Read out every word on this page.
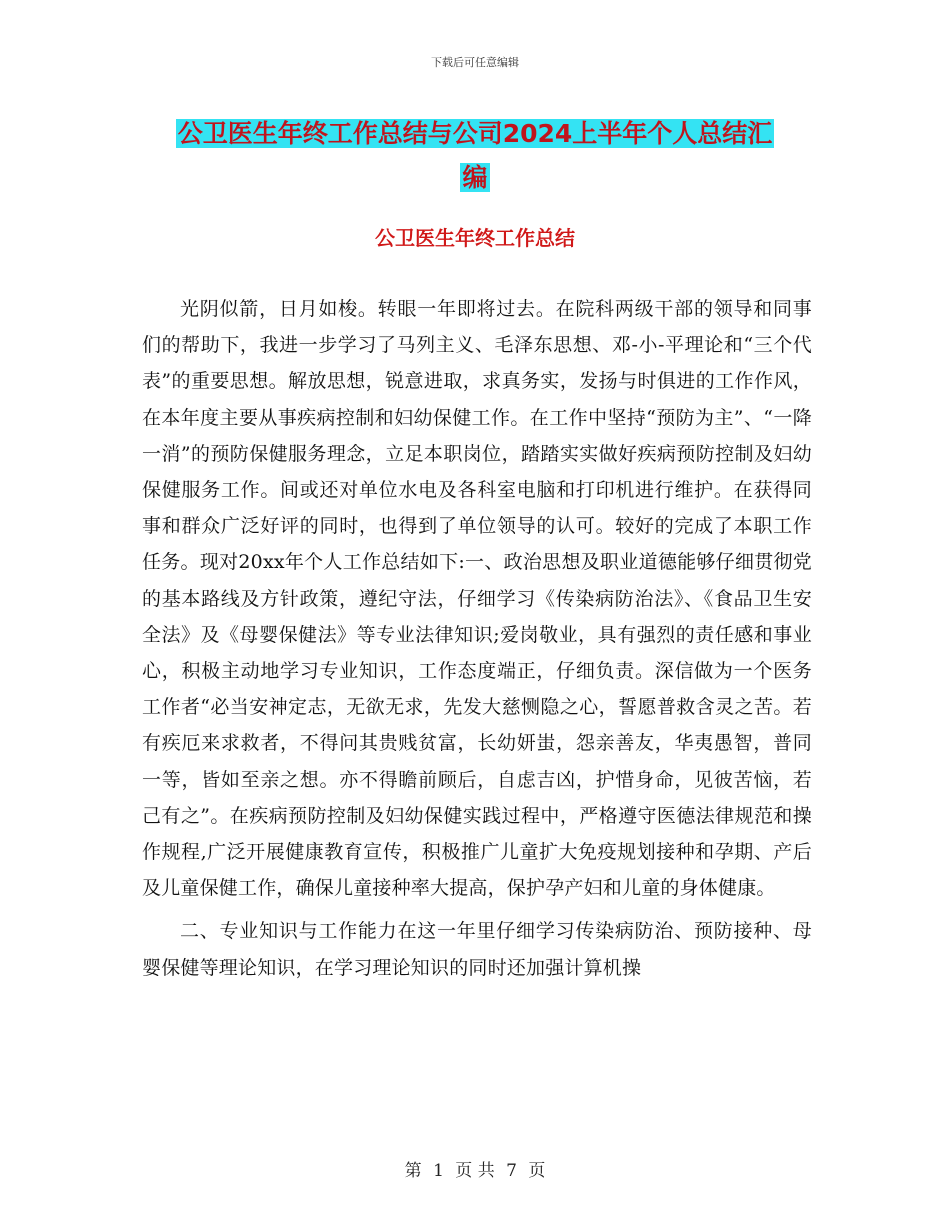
下载后可任意编辑
公卫医生年终工作总结与公司2024上半年个人总结汇
编
公卫医生年终工作总结

光阴似箭，日月如梭。转眼一年即将过去。在院科两级干部的领导和同事们的帮助下，我进一步学习了马列主义、毛泽东思想、邓-小-平理论和“三个代表”的重要思想。解放思想，锐意进取，求真务实，发扬与时俱进的工作作风，在本年度主要从事疾病控制和妇幼保健工作。在工作中坚持“预防为主”、“一降一消”的预防保健服务理念，立足本职岗位，踏踏实实做好疾病预防控制及妇幼保健服务工作。间或还对单位水电及各科室电脑和打印机进行维护。在获得同事和群众广泛好评的同时，也得到了单位领导的认可。较好的完成了本职工作任务。现对20xx年个人工作总结如下:一、政治思想及职业道德能够仔细贯彻党的基本路线及方针政策，遵纪守法，仔细学习《传染病防治法》、《食品卫生安全法》及《母婴保健法》等专业法律知识;爱岗敬业，具有强烈的责任感和事业心，积极主动地学习专业知识，工作态度端正，仔细负责。深信做为一个医务工作者“必当安神定志，无欲无求，先发大慈恻隐之心，誓愿普救含灵之苦。若有疾厄来求救者，不得问其贵贱贫富，长幼妍蚩，怨亲善友，华夷愚智，普同一等，皆如至亲之想。亦不得瞻前顾后，自虑吉凶，护惜身命，见彼苦恼，若己有之”。在疾病预防控制及妇幼保健实践过程中，严格遵守医德法律规范和操作规程,广泛开展健康教育宣传，积极推广儿童扩大免疫规划接种和孕期、产后及儿童保健工作，确保儿童接种率大提高，保护孕产妇和儿童的身体健康。

二、专业知识与工作能力在这一年里仔细学习传染病防治、预防接种、母婴保健等理论知识，在学习理论知识的同时还加强计算机操

第 1 页 共 7 页
